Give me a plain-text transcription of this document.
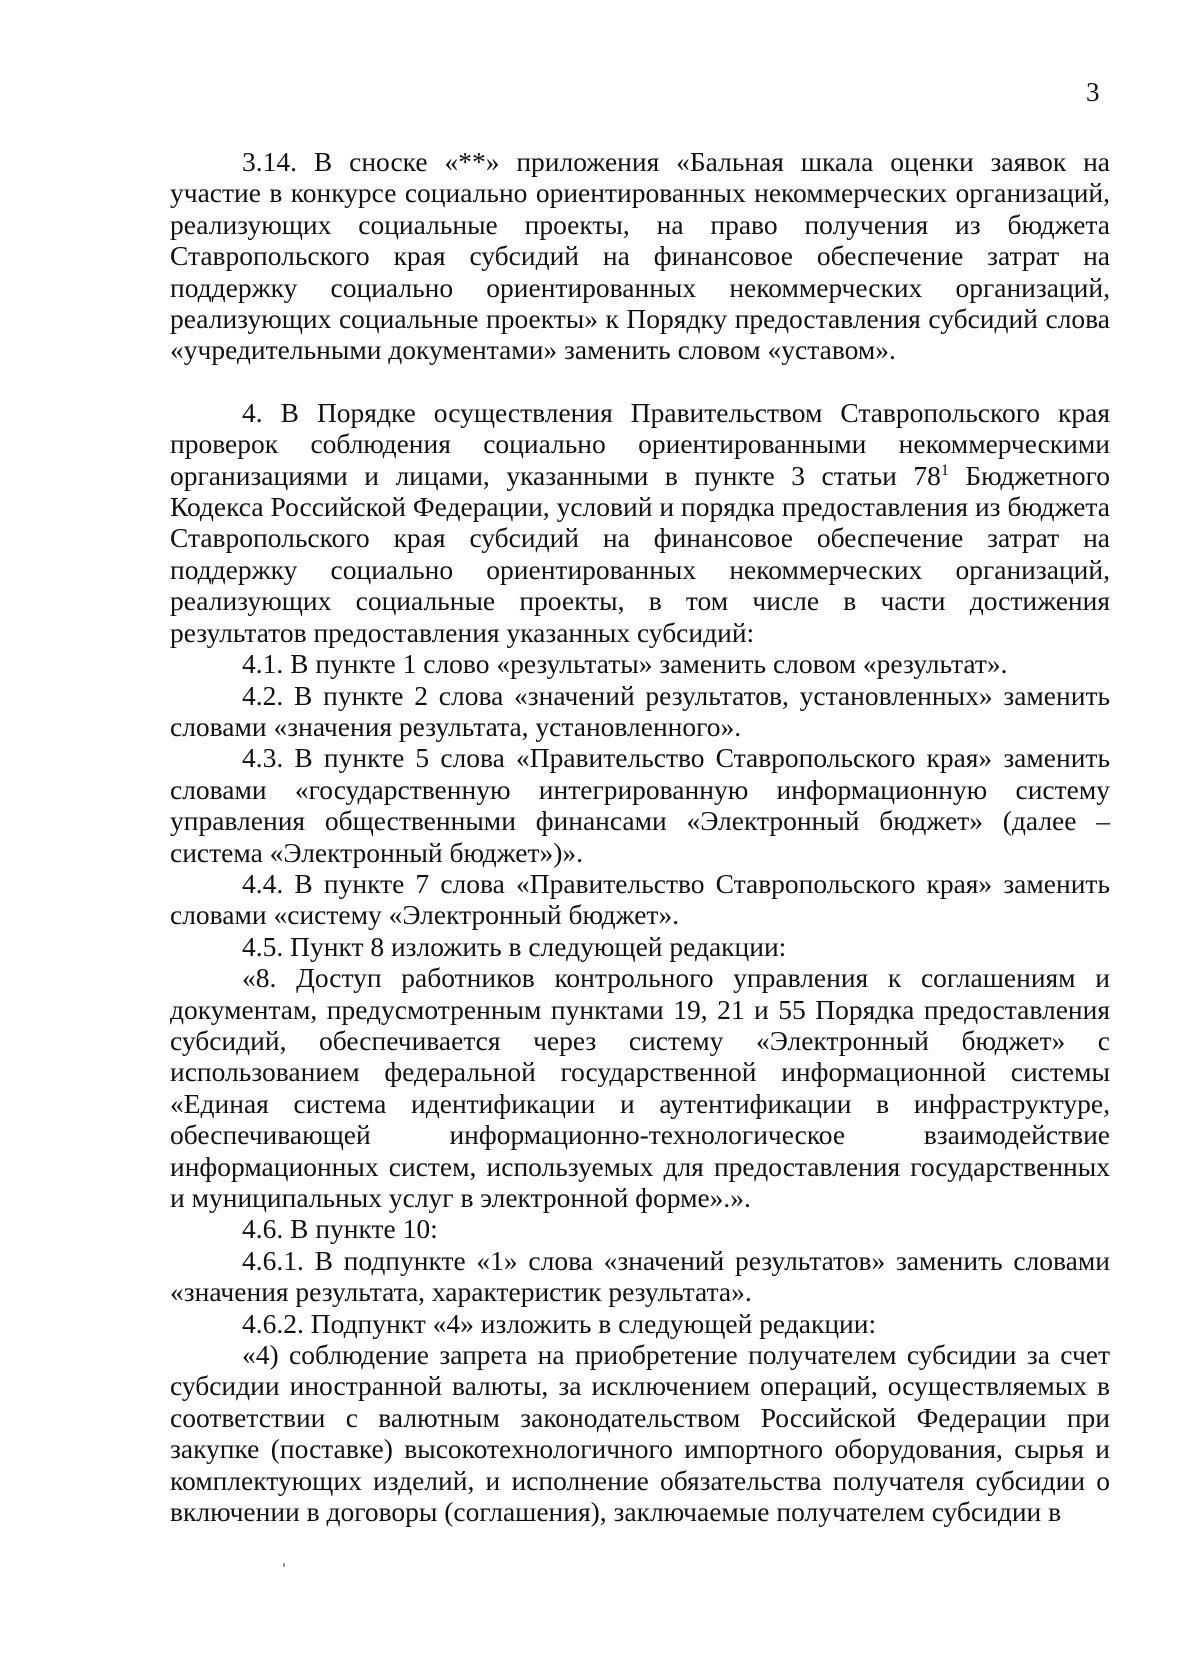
3

3.14. В сноске «**» приложения «Бальная шкала оценки заявок на участие в конкурсе социально ориентированных некоммерческих организаций, реализующих социальные проекты, на право получения из бюджета Ставропольского края субсидий на финансовое обеспечение затрат на поддержку социально ориентированных некоммерческих организаций, реализующих социальные проекты» к Порядку предоставления субсидий слова «учредительными документами» заменить словом «уставом».

4. В Порядке осуществления Правительством Ставропольского края проверок соблюдения социально ориентированными некоммерческими организациями и лицами, указанными в пункте 3 статьи $78^1$ Бюджетного Кодекса Российской Федерации, условий и порядка предоставления из бюджета Ставропольского края субсидий на финансовое обеспечение затрат на поддержку социально ориентированных некоммерческих организаций, реализующих социальные проекты, в том числе в части достижения результатов предоставления указанных субсидий:

4.1. В пункте 1 слово «результаты» заменить словом «результат».

4.2. В пункте 2 слова «значений результатов, установленных» заменить словами «значения результата, установленного».

4.3. В пункте 5 слова «Правительство Ставропольского края» заменить словами «государственную интегрированную информационную систему управления общественными финансами «Электронный бюджет» (далее – система «Электронный бюджет»)».

4.4. В пункте 7 слова «Правительство Ставропольского края» заменить словами «систему «Электронный бюджет».

4.5. Пункт 8 изложить в следующей редакции:

«8. Доступ работников контрольного управления к соглашениям и документам, предусмотренным пунктами 19, 21 и 55 Порядка предоставления субсидий, обеспечивается через систему «Электронный бюджет» с использованием федеральной государственной информационной системы «Единая система идентификации и аутентификации в инфраструктуре, обеспечивающей информационно-технологическое взаимодействие информационных систем, используемых для предоставления государственных и муниципальных услуг в электронной форме».».

4.6. В пункте 10:

4.6.1. В подпункте «1» слова «значений результатов» заменить словами «значения результата, характеристик результата».

4.6.2. Подпункт «4» изложить в следующей редакции:

«4) соблюдение запрета на приобретение получателем субсидии за счет субсидии иностранной валюты, за исключением операций, осуществляемых в соответствии с валютным законодательством Российской Федерации при закупке (поставке) высокотехнологичного импортного оборудования, сырья и комплектующих изделий, и исполнение обязательства получателя субсидии о включении в договоры (соглашения), заключаемые получателем субсидии в
